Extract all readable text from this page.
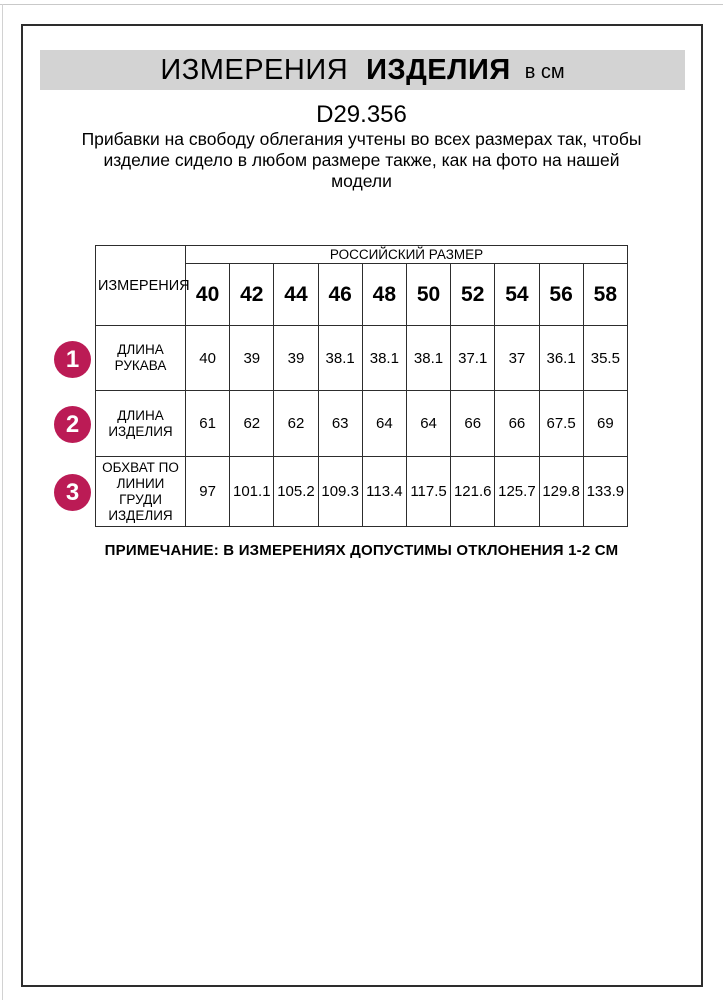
ИЗМЕРЕНИЯ ИЗДЕЛИЯ в см
D29.356
Прибавки на свободу облегания учтены во всех размерах так, чтобы изделие сидело в любом размере также, как на фото на нашей модели
ИЗМЕРЕНИЯ	РОССИЙСКИЙ РАЗМЕР									
	40	42	44	46	48	50	52	54	56	58
ДЛИНА РУКАВА	40	39	39	38.1	38.1	38.1	37.1	37	36.1	35.5
ДЛИНА ИЗДЕЛИЯ	61	62	62	63	64	64	66	66	67.5	69
ОБХВАТ ПО ЛИНИИ ГРУДИ ИЗДЕЛИЯ	97	101.1	105.2	109.3	113.4	117.5	121.6	125.7	129.8	133.9
1
2
3
ПРИМЕЧАНИЕ: В ИЗМЕРЕНИЯХ ДОПУСТИМЫ ОТКЛОНЕНИЯ 1-2 СМ
